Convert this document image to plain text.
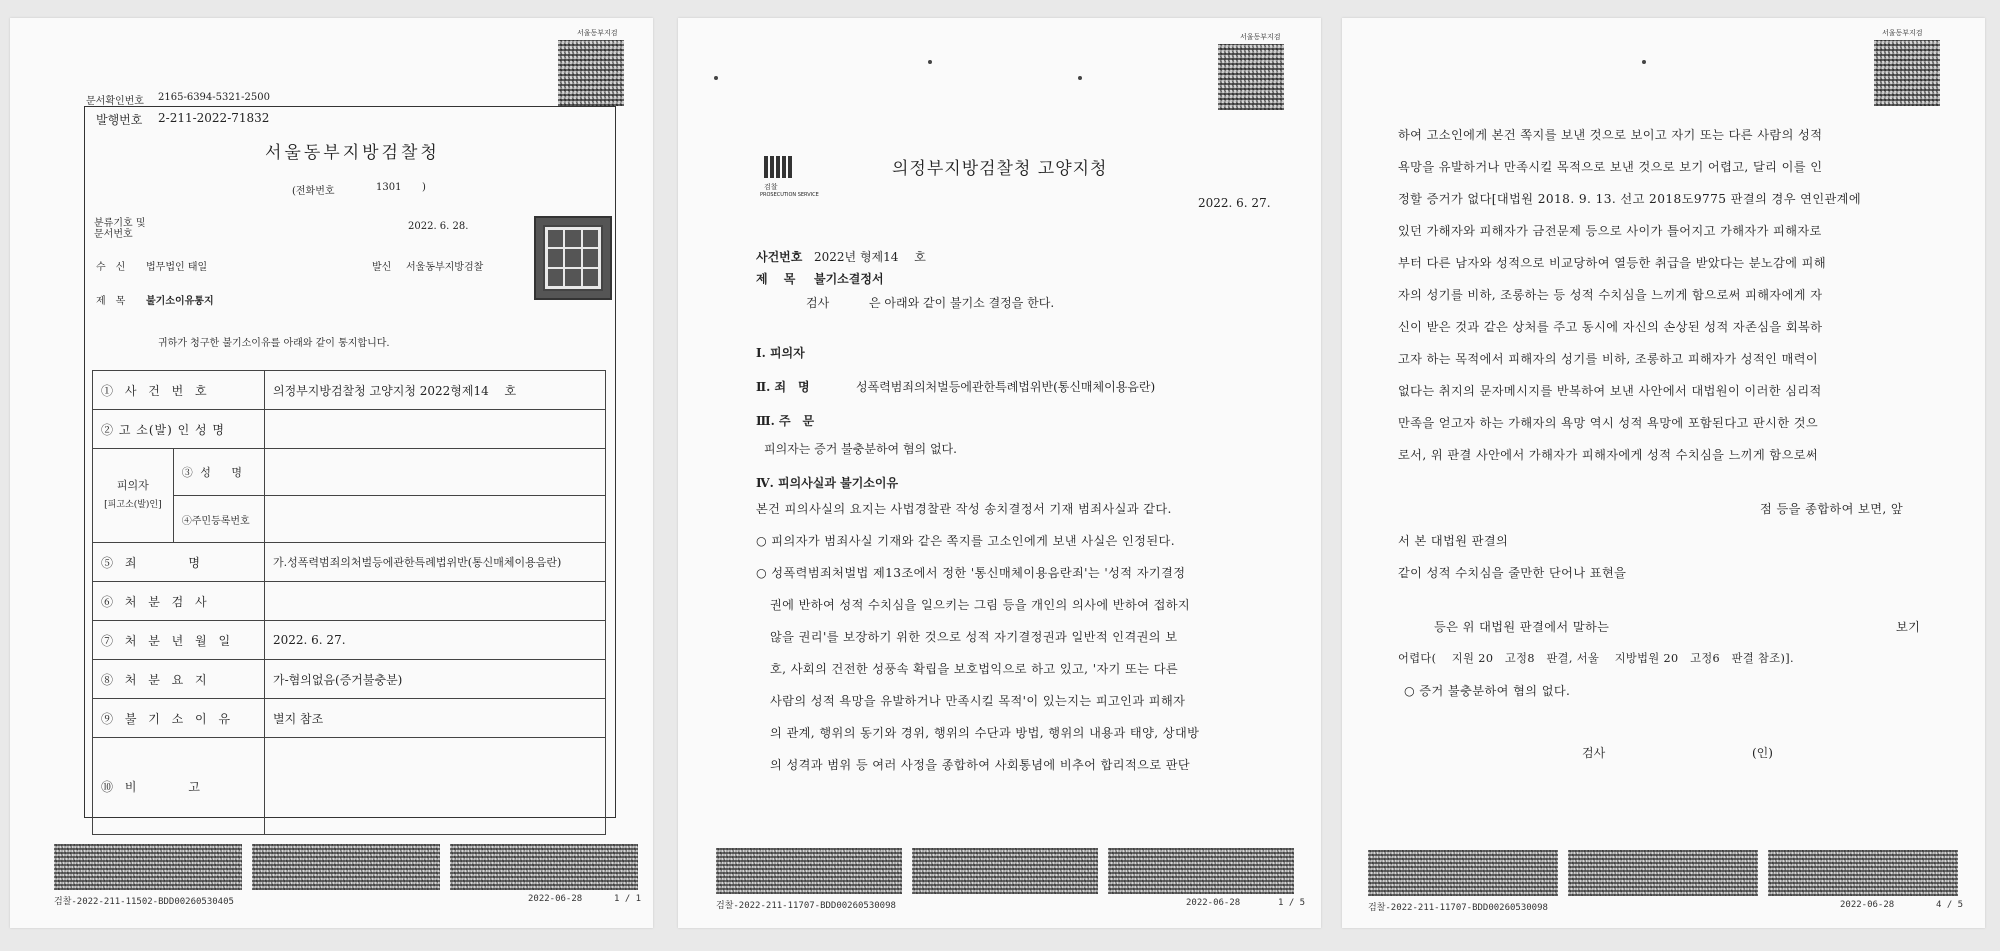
서울동부지검
문서확인번호 2165-6394-5321-2500
발행번호 2-211-2022-71832
서울동부지방검찰청
(전화번호	1301 )
분류기호 및
문서번호
2022. 6. 28.
수　신 법무법인 태일	발신 서울동부지방검찰
제　목 불기소이유통지
귀하가 청구한 불기소이유를 아래와 같이 통지합니다.
① 사 건 번 호		의정부지방검찰청 고양지청 2022형제14　 호
② 고 소(발) 인 성 명		
피의자
[피고소(발)인]	③ 성　 명	
	④주민등록번호	
⑤ 죄　　　명		가.성폭력범죄의처벌등에관한특례법위반(통신매체이용음란)
⑥ 처 분 검 사		
⑦ 처 분 년 월 일		2022. 6. 27.
⑧ 처 분 요 지		가-혐의없음(증거불충분)
⑨ 불 기 소 이 유		별지 참조
⑩ 비　　　고		
검찰-2022-211-11502-BDD00260530405	2022-06-28	1 / 1
서울동부지검
검찰
PROSECUTION SERVICE
의정부지방검찰청 고양지청
2022. 6. 27.
사건번호 2022년 형제14　 호
제　 목 불기소결정서
검사　　　 은 아래와 같이 불기소 결정을 한다.
Ⅰ. 피의자
Ⅱ. 죄　명	성폭력범죄의처벌등에관한특례법위반(통신매체이용음란)
Ⅲ. 주　문
피의자는 증거 불충분하여 혐의 없다.
Ⅳ. 피의사실과 불기소이유
본건 피의사실의 요지는 사법경찰관 작성 송치결정서 기재 범죄사실과 같다.
○ 피의자가 범죄사실 기재와 같은 쪽지를 고소인에게 보낸 사실은 인정된다.
○ 성폭력범죄처벌법 제13조에서 정한 '통신매체이용음란죄'는 '성적 자기결정
권에 반하여 성적 수치심을 일으키는 그림 등을 개인의 의사에 반하여 접하지
않을 권리'를 보장하기 위한 것으로 성적 자기결정권과 일반적 인격권의 보
호, 사회의 건전한 성풍속 확립을 보호법익으로 하고 있고, '자기 또는 다른
사람의 성적 욕망을 유발하거나 만족시킬 목적'이 있는지는 피고인과 피해자
의 관계, 행위의 동기와 경위, 행위의 수단과 방법, 행위의 내용과 태양, 상대방
의 성격과 범위 등 여러 사정을 종합하여 사회통념에 비추어 합리적으로 판단
검찰-2022-211-11707-BDD00260530098	2022-06-28	1 / 5
서울동부지검
하여 고소인에게 본건 쪽지를 보낸 것으로 보이고 자기 또는 다른 사람의 성적
욕망을 유발하거나 만족시킬 목적으로 보낸 것으로 보기 어렵고, 달리 이를 인
정할 증거가 없다[대법원 2018. 9. 13. 선고 2018도9775 판결의 경우 연인관계에
있던 가해자와 피해자가 금전문제 등으로 사이가 틀어지고 가해자가 피해자로
부터 다른 남자와 성적으로 비교당하여 열등한 취급을 받았다는 분노감에 피해
자의 성기를 비하, 조롱하는 등 성적 수치심을 느끼게 함으로써 피해자에게 자
신이 받은 것과 같은 상처를 주고 동시에 자신의 손상된 성적 자존심을 회복하
고자 하는 목적에서 피해자의 성기를 비하, 조롱하고 피해자가 성적인 매력이
없다는 취지의 문자메시지를 반복하여 보낸 사안에서 대법원이 이러한 심리적
만족을 얻고자 하는 가해자의 욕망 역시 성적 욕망에 포함된다고 판시한 것으
로서, 위 판결 사안에서 가해자가 피해자에게 성적 수치심을 느끼게 함으로써
점 등을 종합하여 보면, 앞
서 본 대법원 판결의
같이 성적 수치심을 줄만한 단어나 표현을
등은 위 대법원 판결에서 말하는	보기
어렵다(　 지원 20　고정8　판결, 서울　 지방법원 20　고정6　판결 참조)].
○ 증거 불충분하여 혐의 없다.
검사	(인)
검찰-2022-211-11707-BDD00260530098	2022-06-28	4 / 5
